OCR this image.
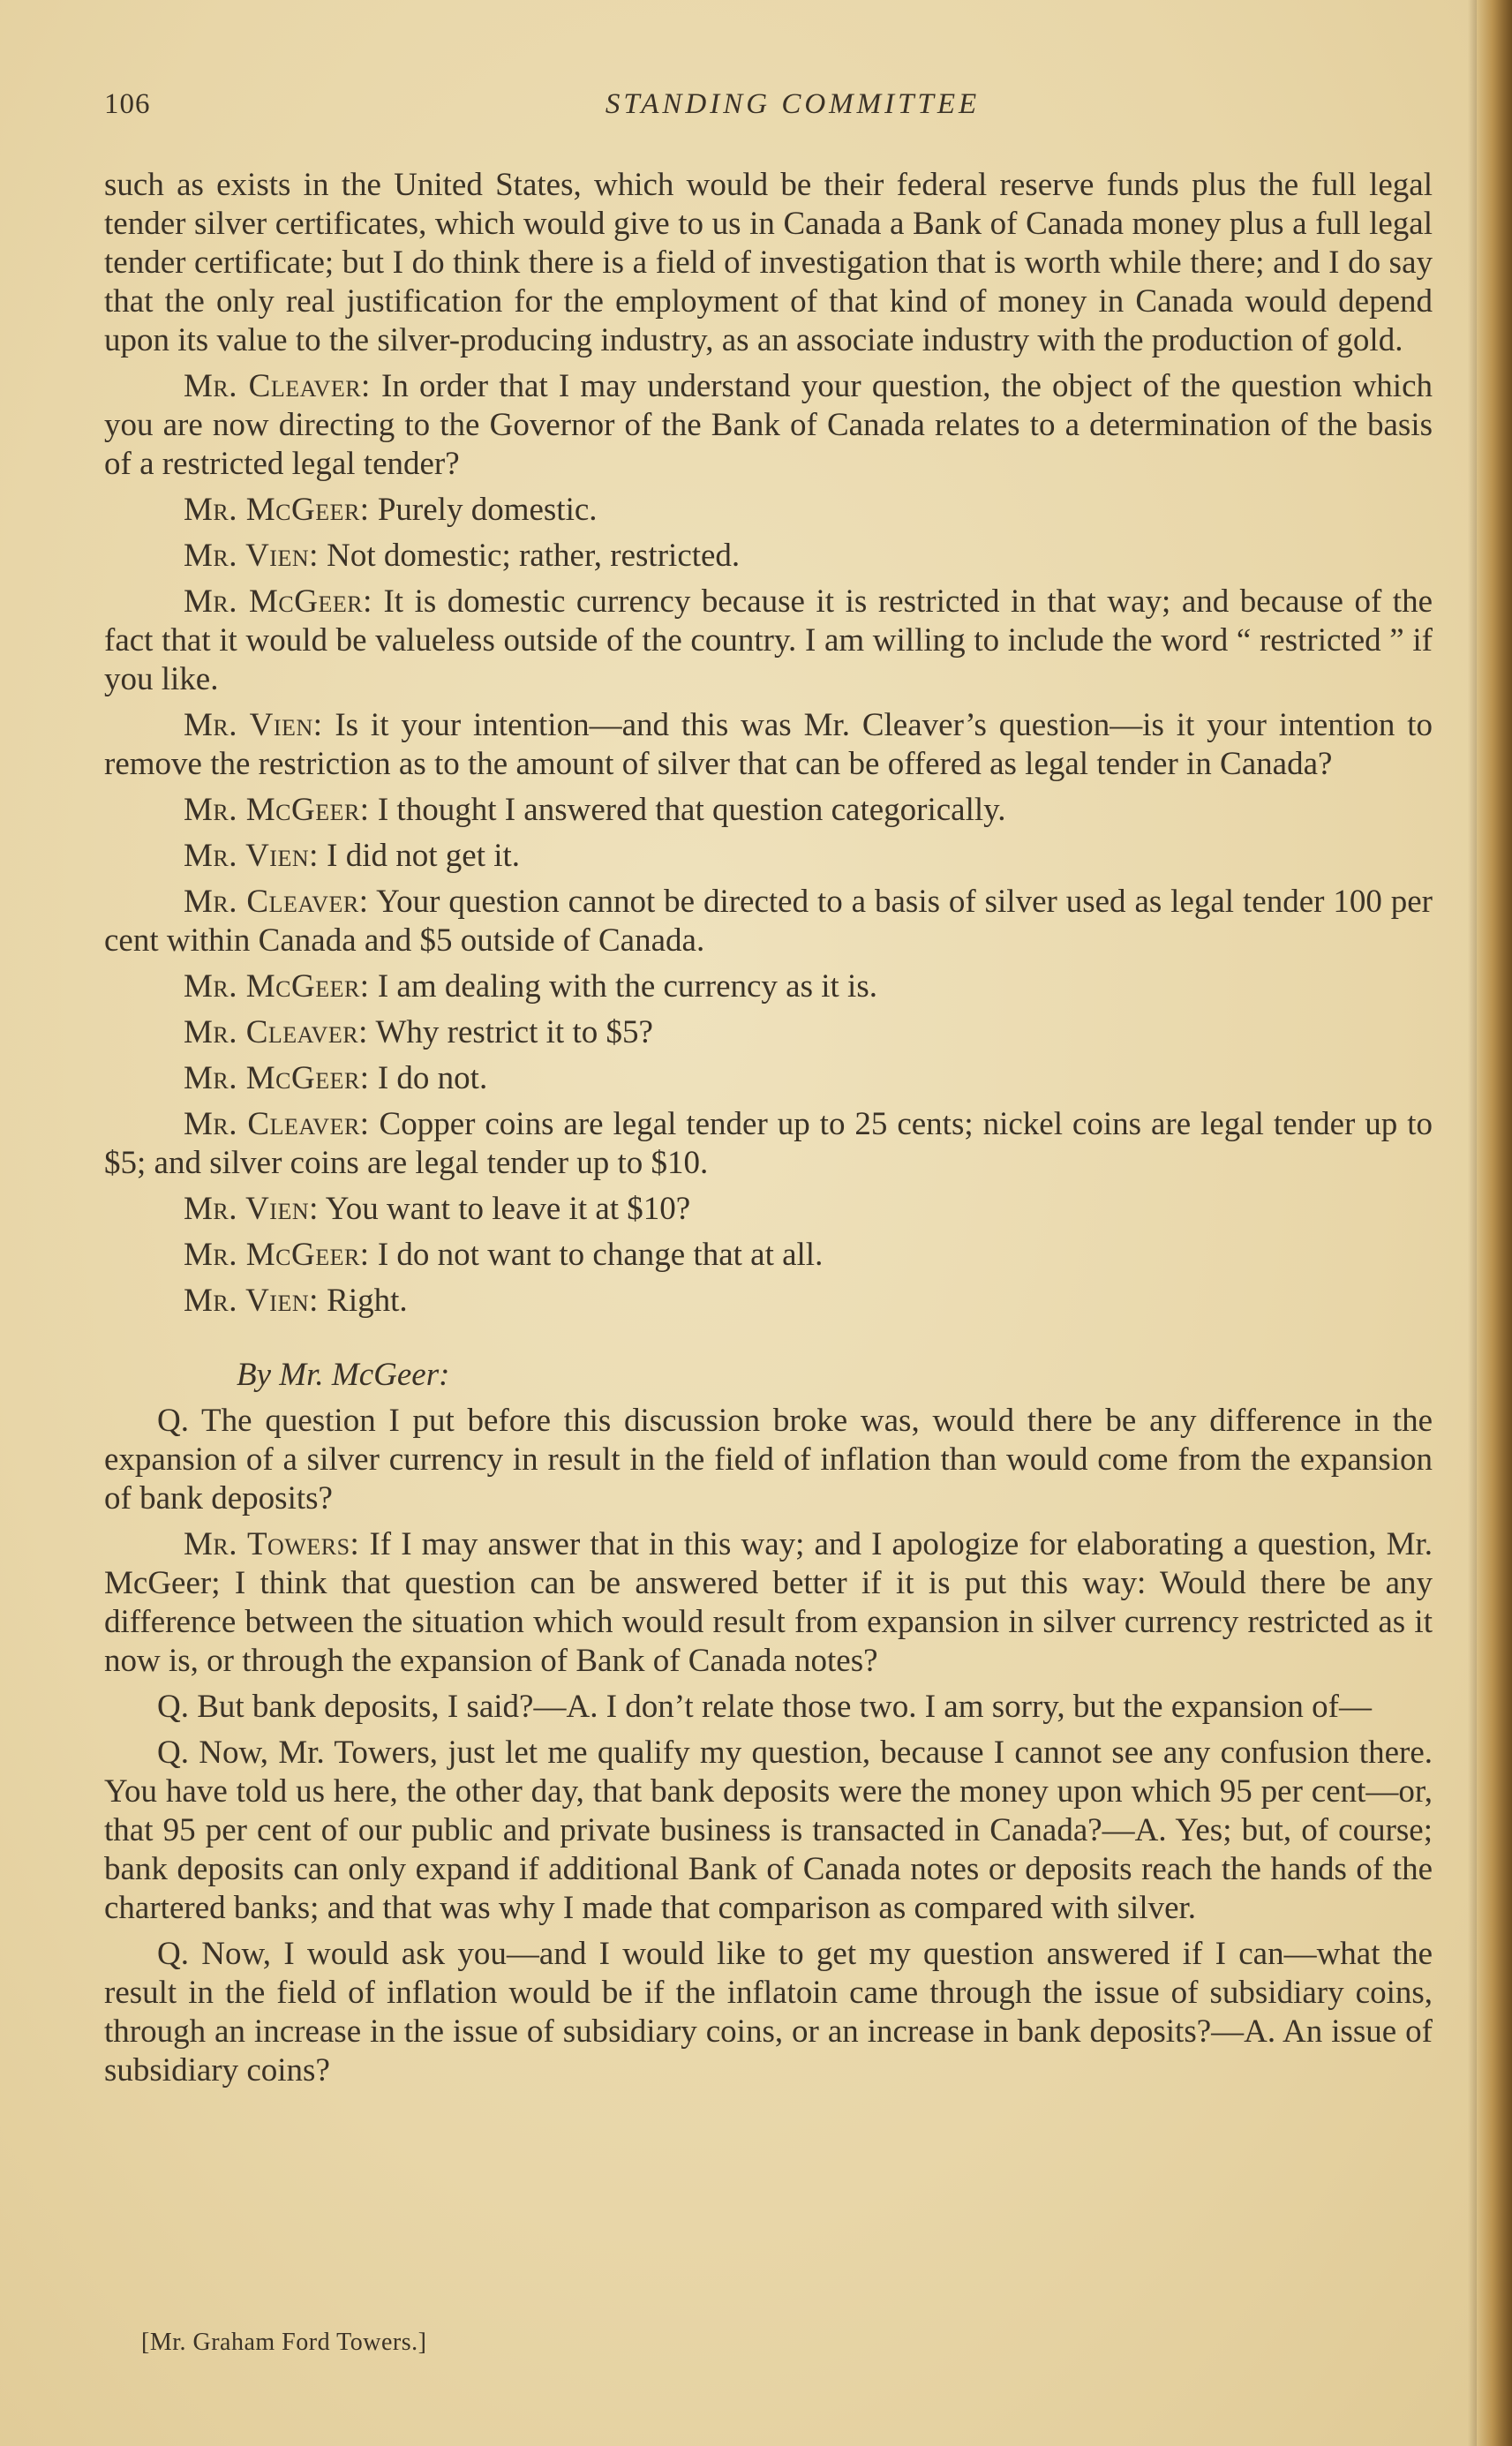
106	STANDING COMMITTEE

such as exists in the United States, which would be their federal reserve funds plus the full legal tender silver certificates, which would give to us in Canada a Bank of Canada money plus a full legal tender certificate; but I do think there is a field of investigation that is worth while there; and I do say that the only real justification for the employment of that kind of money in Canada would depend upon its value to the silver-producing industry, as an associate industry with the production of gold.

Mr. Cleaver: In order that I may understand your question, the object of the question which you are now directing to the Governor of the Bank of Canada relates to a determination of the basis of a restricted legal tender?

Mr. McGeer: Purely domestic.

Mr. Vien: Not domestic; rather, restricted.

Mr. McGeer: It is domestic currency because it is restricted in that way; and because of the fact that it would be valueless outside of the country. I am willing to include the word “ restricted ” if you like.

Mr. Vien: Is it your intention—and this was Mr. Cleaver’s question—is it your intention to remove the restriction as to the amount of silver that can be offered as legal tender in Canada?

Mr. McGeer: I thought I answered that question categorically.

Mr. Vien: I did not get it.

Mr. Cleaver: Your question cannot be directed to a basis of silver used as legal tender 100 per cent within Canada and $5 outside of Canada.

Mr. McGeer: I am dealing with the currency as it is.

Mr. Cleaver: Why restrict it to $5?

Mr. McGeer: I do not.

Mr. Cleaver: Copper coins are legal tender up to 25 cents; nickel coins are legal tender up to $5; and silver coins are legal tender up to $10.

Mr. Vien: You want to leave it at $10?

Mr. McGeer: I do not want to change that at all.

Mr. Vien: Right.

By Mr. McGeer:

Q. The question I put before this discussion broke was, would there be any difference in the expansion of a silver currency in result in the field of inflation than would come from the expansion of bank deposits?

Mr. Towers: If I may answer that in this way; and I apologize for elaborating a question, Mr. McGeer; I think that question can be answered better if it is put this way: Would there be any difference between the situation which would result from expansion in silver currency restricted as it now is, or through the expansion of Bank of Canada notes?

Q. But bank deposits, I said?—A. I don’t relate those two. I am sorry, but the expansion of—

Q. Now, Mr. Towers, just let me qualify my question, because I cannot see any confusion there. You have told us here, the other day, that bank deposits were the money upon which 95 per cent—or, that 95 per cent of our public and private business is transacted in Canada?—A. Yes; but, of course; bank deposits can only expand if additional Bank of Canada notes or deposits reach the hands of the chartered banks; and that was why I made that comparison as compared with silver.

Q. Now, I would ask you—and I would like to get my question answered if I can—what the result in the field of inflation would be if the inflatoin came through the issue of subsidiary coins, through an increase in the issue of subsidiary coins, or an increase in bank deposits?—A. An issue of subsidiary coins?

[Mr. Graham Ford Towers.]
